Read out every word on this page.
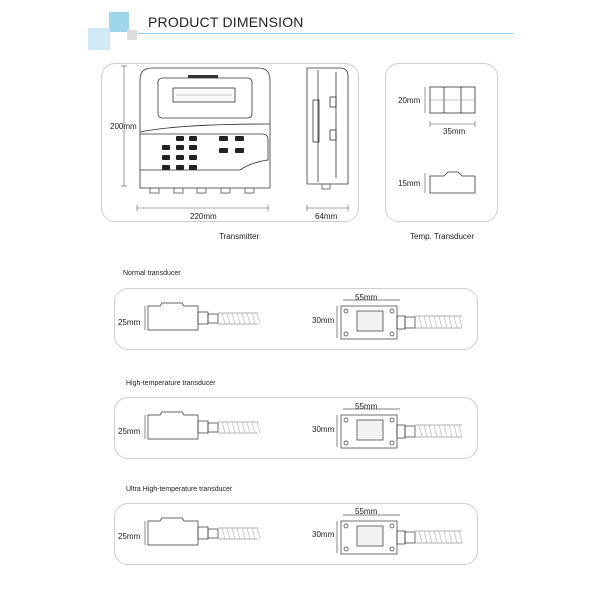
PRODUCT DIMENSION
200mm
220mm	64mm
Transmitter
20mm
35mm
15mm
Temp. Transducer
Normal transducer
25mm
55mm
30mm
High-temperature transducer
25mm
55mm
30mm
Ultra High-temperature transducer
25mm
55mm
30mm
